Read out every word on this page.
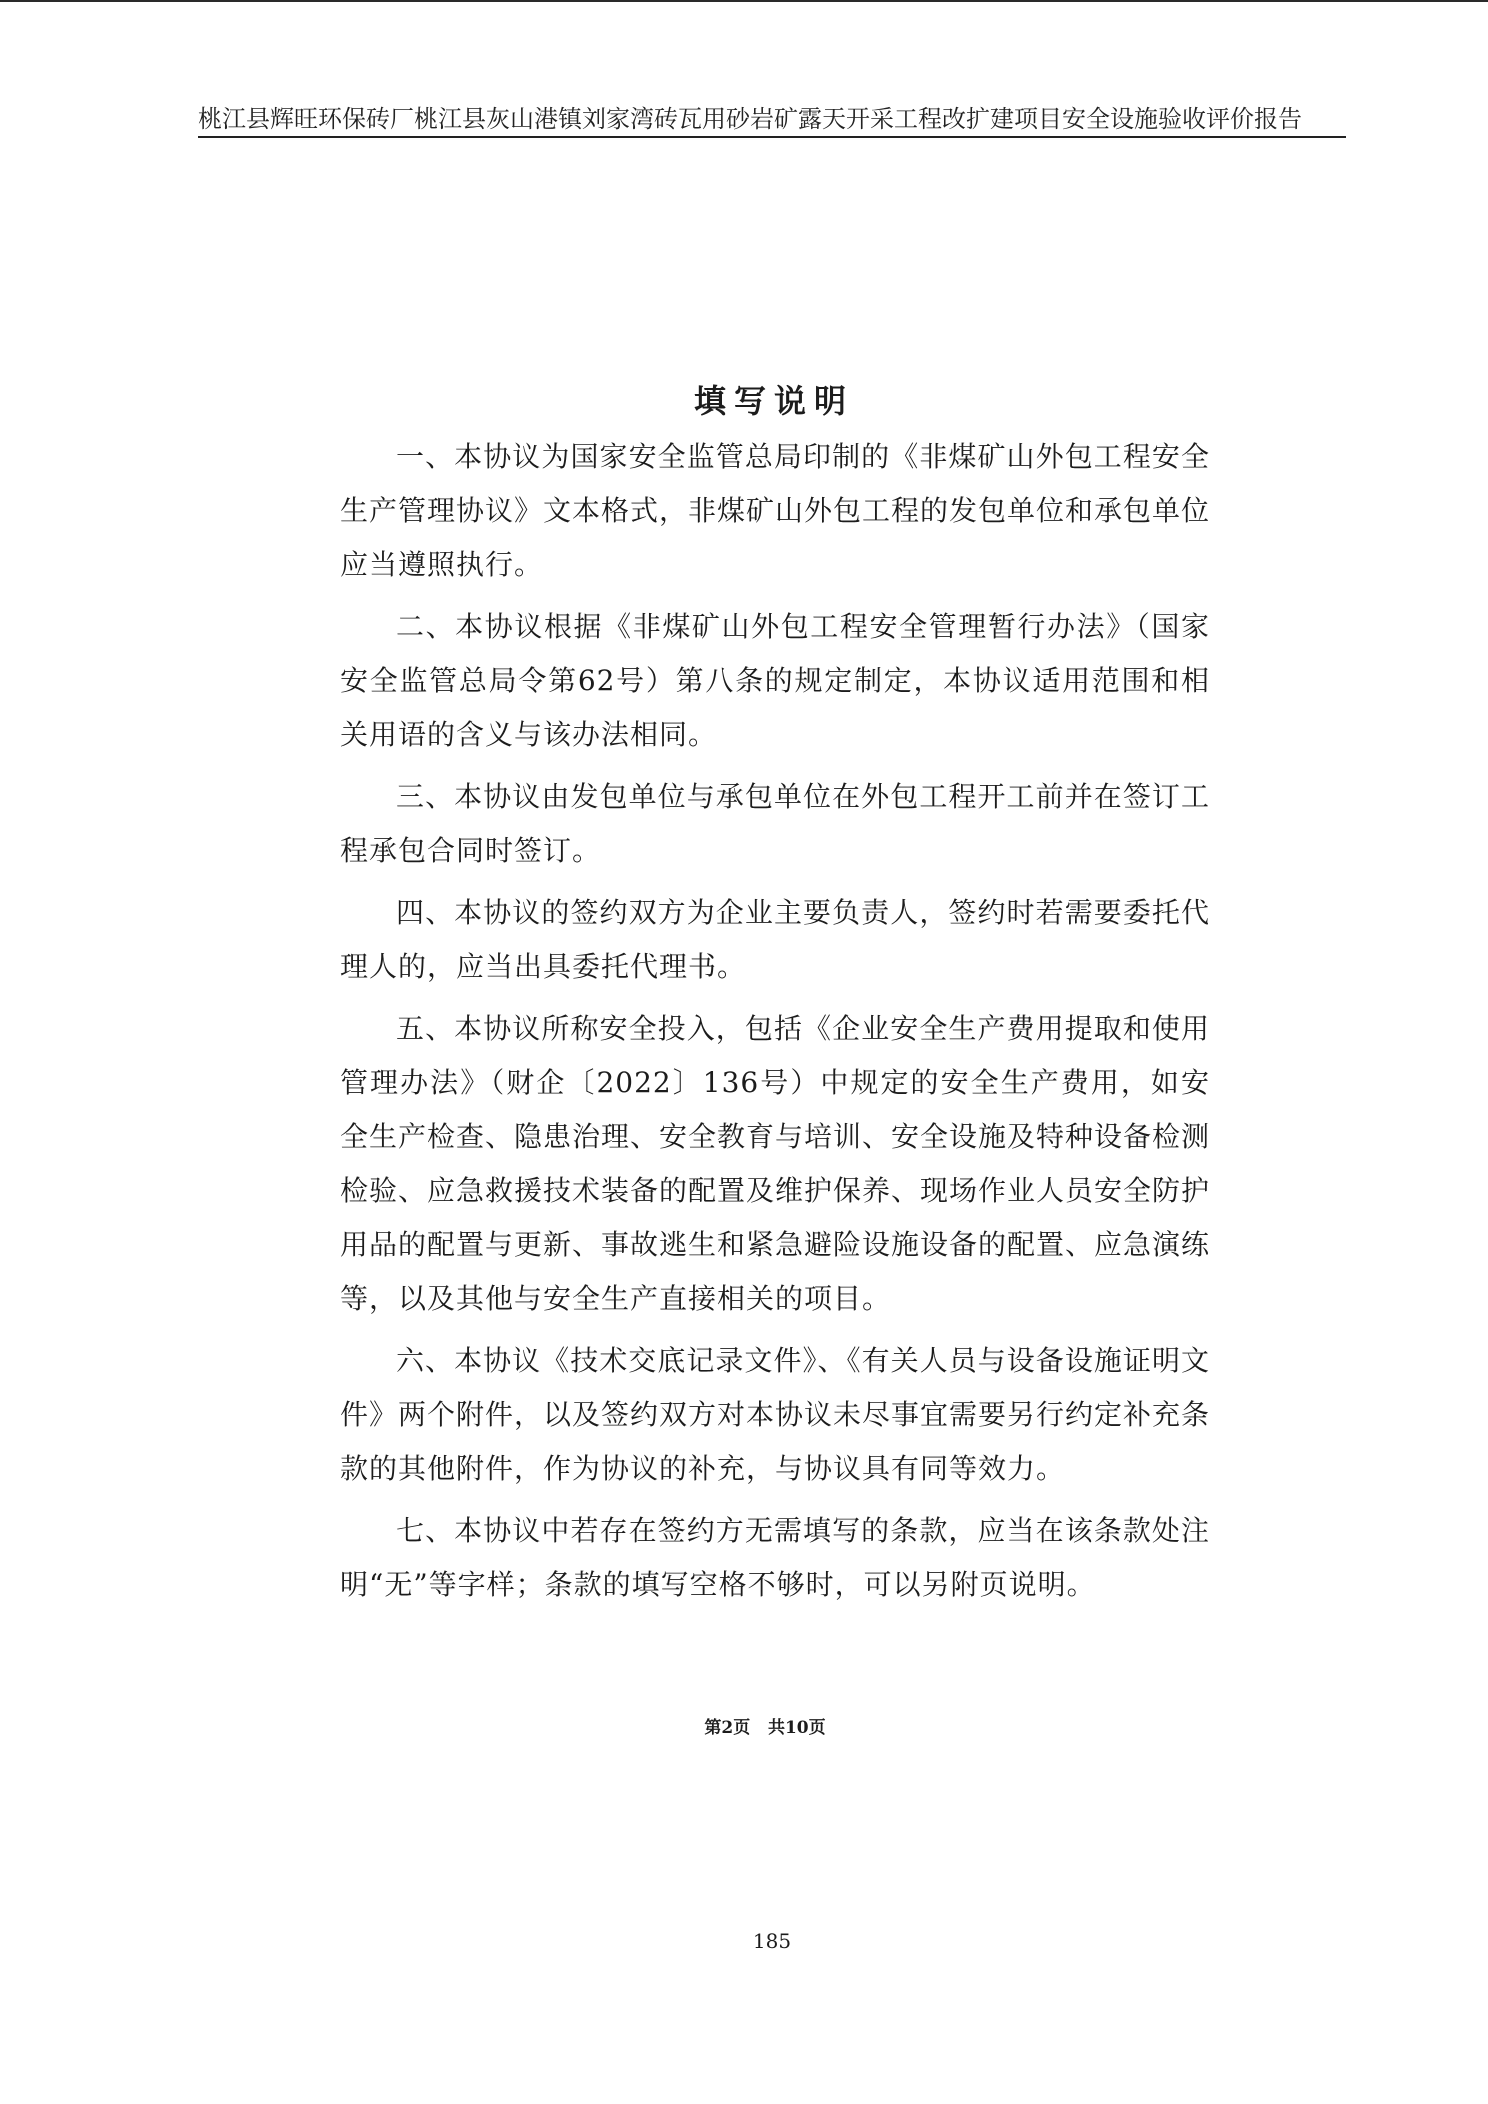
桃江县辉旺环保砖厂桃江县灰山港镇刘家湾砖瓦用砂岩矿露天开采工程改扩建项目安全设施验收评价报告
填写说明

一、本协议为国家安全监管总局印制的《非煤矿山外包工程安全生产管理协议》文本格式，非煤矿山外包工程的发包单位和承包单位应当遵照执行。

二、本协议根据《非煤矿山外包工程安全管理暂行办法》（国家安全监管总局令第62号）第八条的规定制定，本协议适用范围和相关用语的含义与该办法相同。

三、本协议由发包单位与承包单位在外包工程开工前并在签订工程承包合同时签订。

四、本协议的签约双方为企业主要负责人，签约时若需要委托代理人的，应当出具委托代理书。

五、本协议所称安全投入，包括《企业安全生产费用提取和使用管理办法》（财企〔2022〕136号）中规定的安全生产费用，如安全生产检查、隐患治理、安全教育与培训、安全设施及特种设备检测检验、应急救援技术装备的配置及维护保养、现场作业人员安全防护用品的配置与更新、事故逃生和紧急避险设施设备的配置、应急演练等，以及其他与安全生产直接相关的项目。

六、本协议《技术交底记录文件》、《有关人员与设备设施证明文件》两个附件，以及签约双方对本协议未尽事宜需要另行约定补充条款的其他附件，作为协议的补充，与协议具有同等效力。

七、本协议中若存在签约方无需填写的条款，应当在该条款处注明“无”等字样；条款的填写空格不够时，可以另附页说明。

第2页   共10页
185
